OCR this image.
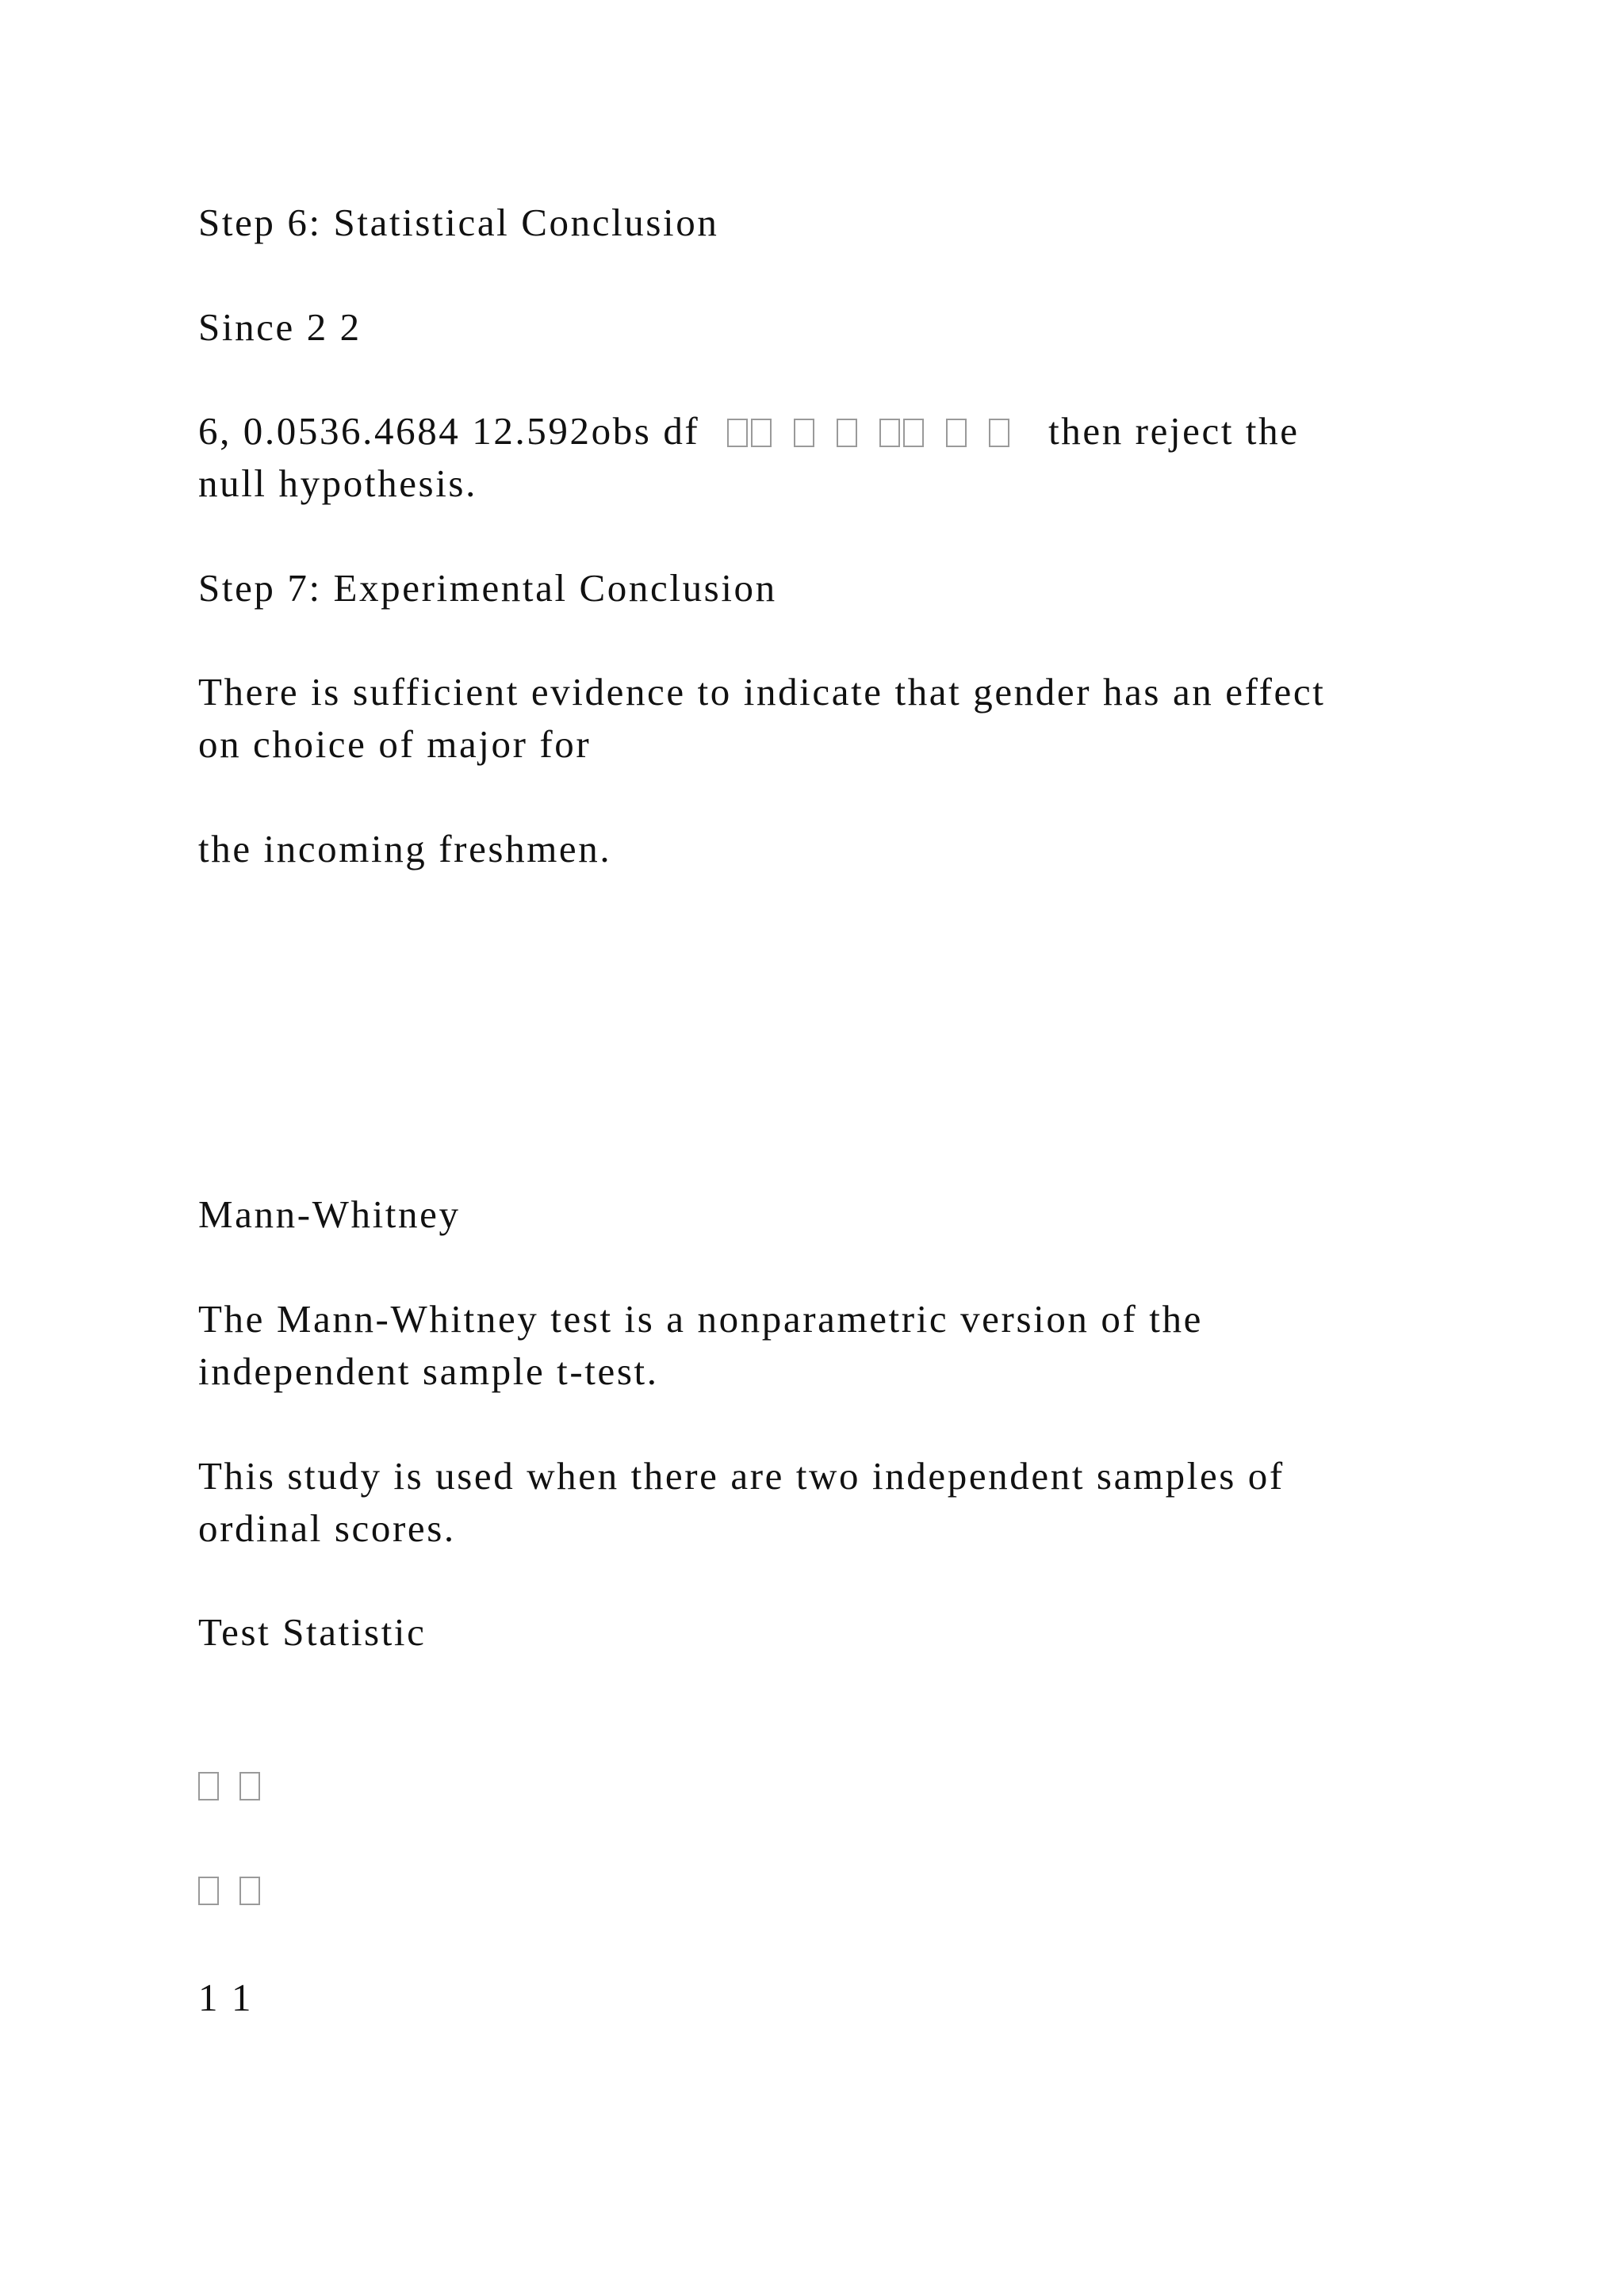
Step 6: Statistical Conclusion
Since 2 2
6, 0.0536.4684 12.592obs df	then reject the
null hypothesis.
Step 7: Experimental Conclusion
There is sufficient evidence to indicate that gender has an effect
on choice of major for
the incoming freshmen.
Mann-Whitney
The Mann-Whitney test is a nonparametric version of the
independent sample t-test.
This study is used when there are two independent samples of
ordinal scores.
Test Statistic
1 1
